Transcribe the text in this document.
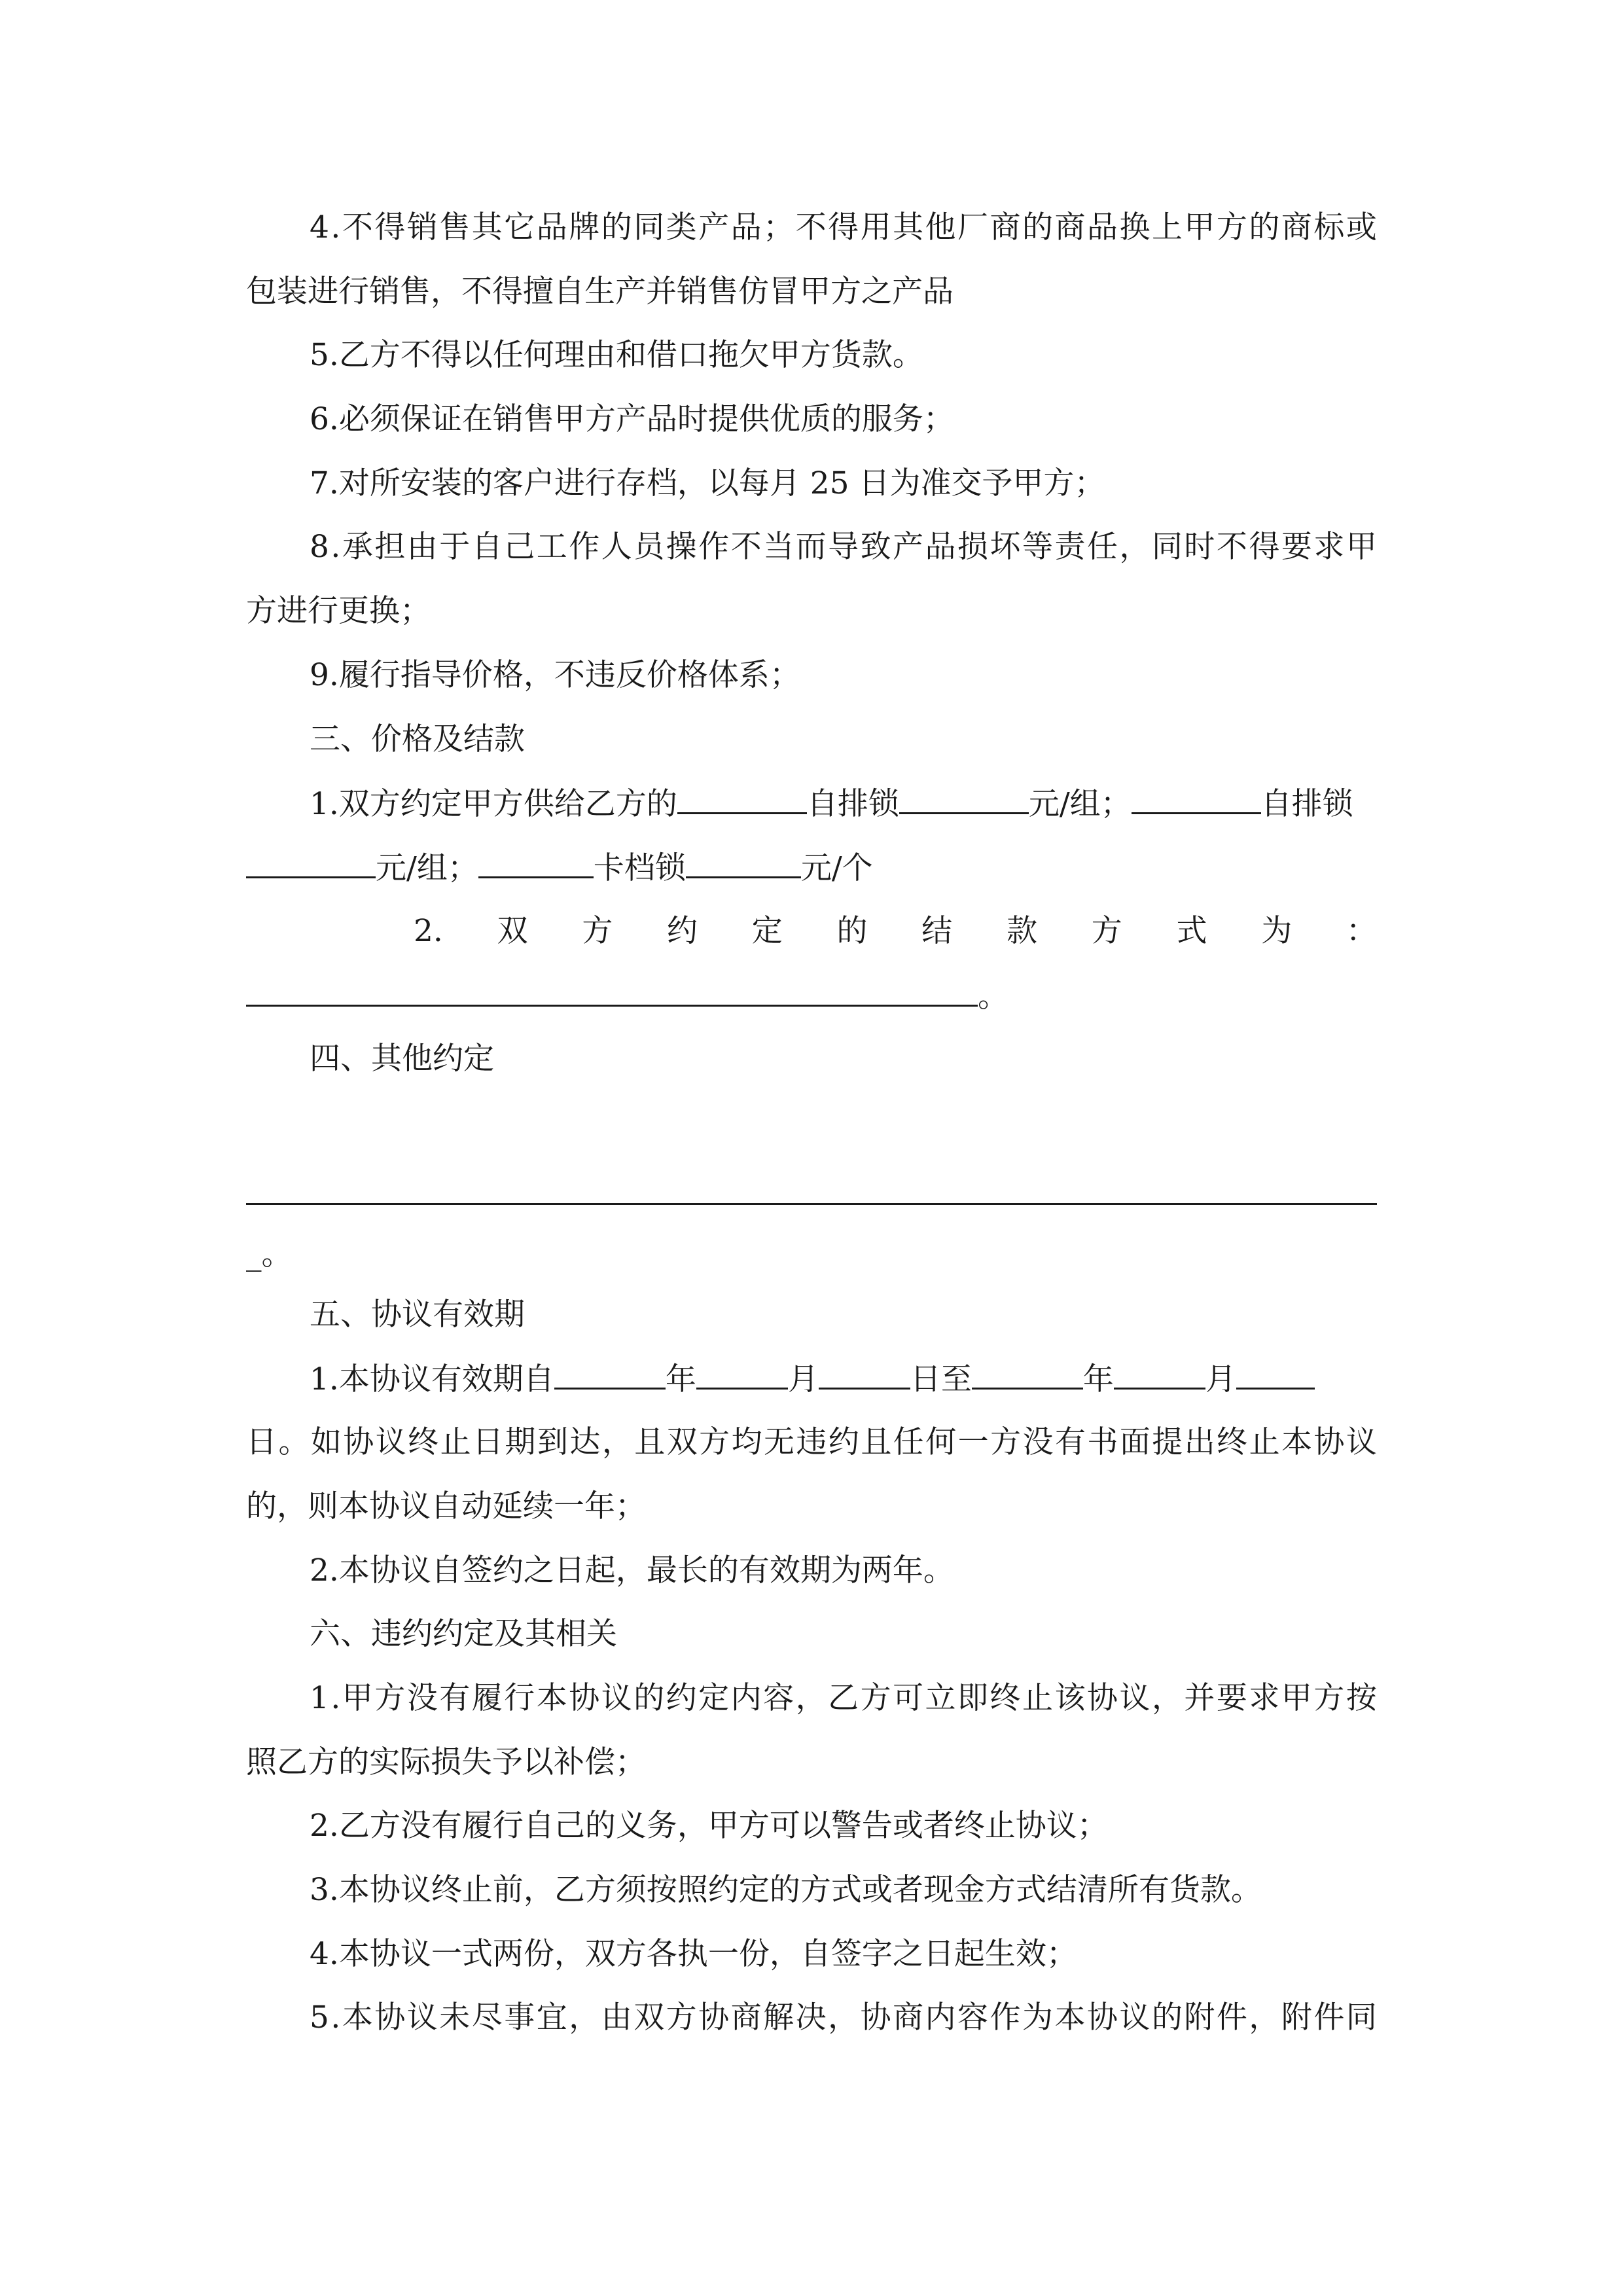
4 . 不 得 销 售 其 它 品 牌 的 同 类 产 品 ； 不 得 用 其 他 厂 商 的 商 品 换 上 甲 方 的 商 标 或
包装进行销售，不得擅自生产并销售仿冒甲方之产品
5.乙方不得以任何理由和借口拖欠甲方货款。
6.必须保证在销售甲方产品时提供优质的服务；
7.对所安装的客户进行存档，以每月 25 日为准交予甲方；
8 . 承 担 由 于 自 己 工 作 人 员 操 作 不 当 而 导 致 产 品 损 坏 等 责 任 ， 同 时 不 得 要 求 甲
方进行更换；
9.履行指导价格，不违反价格体系；
三、价格及结款
1.双方约定甲方供给乙方的	自排锁	元/组；	自排锁
元/组；	卡档锁	元/个
2. 双 方 约 定 的 结 款 方 式 为 ：
。
四、其他约定
_。
五、协议有效期
1.本协议有效期自	年	月	日至	年	月
日 。 如 协 议 终 止 日 期 到 达 ， 且 双 方 均 无 违 约 且 任 何 一 方 没 有 书 面 提 出 终 止 本 协 议
的，则本协议自动延续一年；
2.本协议自签约之日起，最长的有效期为两年。
六、违约约定及其相关
1 . 甲 方 没 有 履 行 本 协 议 的 约 定 内 容 ， 乙 方 可 立 即 终 止 该 协 议 ， 并 要 求 甲 方 按
照乙方的实际损失予以补偿；
2.乙方没有履行自己的义务，甲方可以警告或者终止协议；
3.本协议终止前，乙方须按照约定的方式或者现金方式结清所有货款。
4.本协议一式两份，双方各执一份，自签字之日起生效；
5 . 本 协 议 未 尽 事 宜 ， 由 双 方 协 商 解 决 ， 协 商 内 容 作 为 本 协 议 的 附 件 ， 附 件 同
